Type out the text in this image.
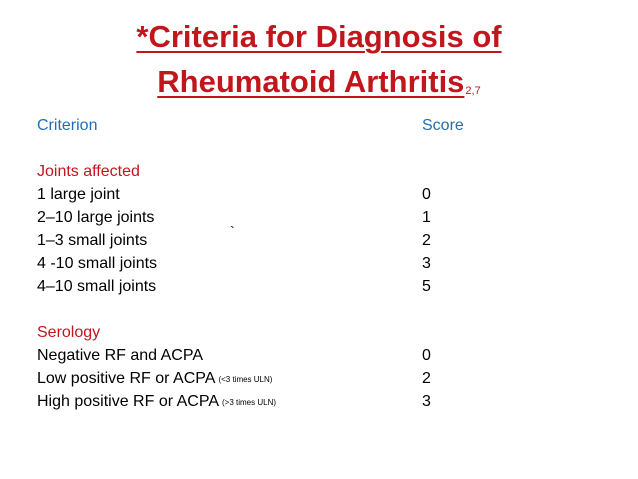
*Criteria for Diagnosis of
Rheumatoid Arthritis2,7
Criterion	Score
Joints affected
1 large joint	0
2–10 large joints	1
1–3 small joints	2
4 -10 small joints	3
4–10 small joints	5
Serology
Negative RF and ACPA	0
Low positive RF or ACPA (<3 times ULN)	2
High positive RF or ACPA (>3 times ULN)	3
`
